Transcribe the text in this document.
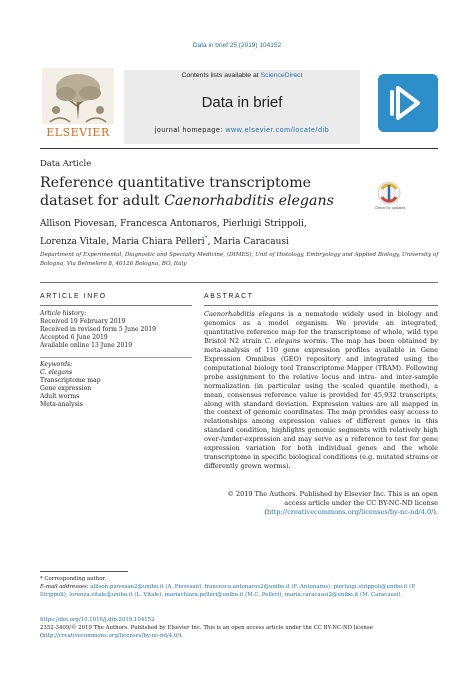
Data in brief 25 (2019) 104152
Contents lists available at ScienceDirect
Data in brief
journal homepage: www.elsevier.com/locate/dib
ELSEVIER
Data Article
Reference quantitative transcriptome dataset for adult Caenorhabditis elegans	Check for updates
Allison Piovesan, Francesca Antonaros, Pierluigi Strippoli,
Lorenza Vitale, Maria Chiara Pelleri*, Maria Caracausi
Department of Experimental, Diagnostic and Specialty Medicine, (DIMES), Unit of Histology, Embryology and Applied Biology, University of Bologna, Via Belmeloro 8, 40126 Bologna, BO, Italy
ARTICLE INFO	ABSTRACT
Article history:
Received 19 February 2019
Received in revised form 5 June 2019
Accepted 6 June 2019
Available online 13 June 2019
Keywords:
C. elegans
Transcriptome map
Gene expression
Adult worms
Meta-analysis
Caenorhabditis elegans is a nematode widely used in biology and genomics as a model organism. We provide an integrated, quantitative reference map for the transcriptome of whole, wild type Bristol N2 strain C. elegans worms. The map has been obtained by meta-analysis of 110 gene expression profiles available in Gene Expression Omnibus (GEO) repository and integrated using the computational biology tool Transcriptome Mapper (TRAM). Following probe assignment to the relative locus and intra- and inter-sample normalization (in particular using the scaled quantile method), a mean, consensus reference value is provided for 45,932 transcripts, along with standard deviation. Expression values are all mapped in the context of genomic coordinates. The map provides easy access to relationships among expression values of different genes in this standard condition, highlights genomic segments with relatively high over-/under-expression and may serve as a reference to test for gene expression variation for both individual genes and the whole transcriptome in specific biological conditions (e.g. mutated strains or differently grown worms).
© 2019 The Authors. Published by Elsevier Inc. This is an open access article under the CC BY-NC-ND license (http://creativecommons.org/licenses/by-nc-nd/4.0/).
* Corresponding author.
E-mail addresses: allison.piovesan2@unibo.it (A. Piovesan), francesca.antonaros2@unibo.it (F. Antonaros), pierluigi.strippoli@unibo.it (P. Strippoli), lorenza.vitale@unibo.it (L. Vitale), mariachiara.pelleri@unibo.it (M.C. Pelleri), maria.caracausi2@unibo.it (M. Caracausi).
https://doi.org/10.1016/j.dib.2019.104152
2352-3409/© 2019 The Authors. Published by Elsevier Inc. This is an open access article under the CC BY-NC-ND license (http://creativecommons.org/licenses/by-nc-nd/4.0/).
